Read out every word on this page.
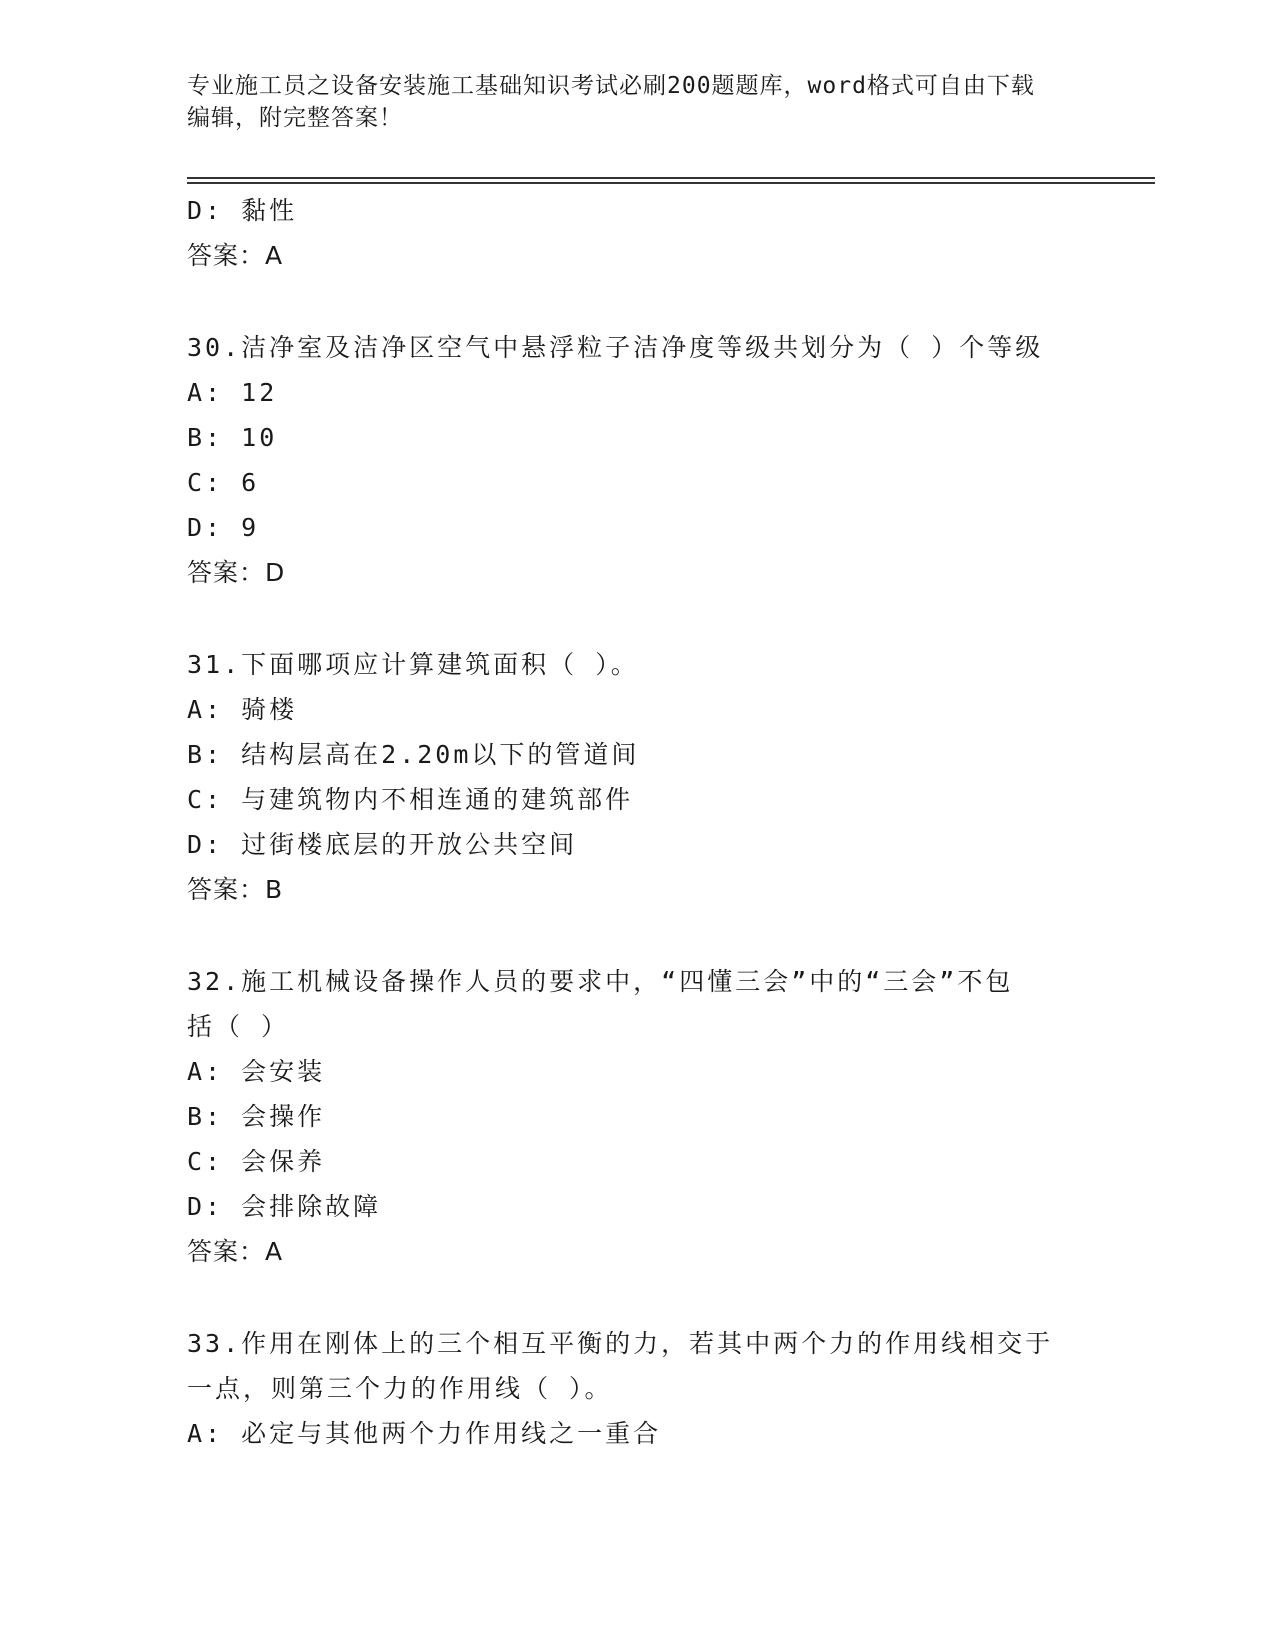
专业施工员之设备安装施工基础知识考试必刷200题题库，word格式可自由下载
编辑，附完整答案！
D: 黏性
答案：A
30.洁净室及洁净区空气中悬浮粒子洁净度等级共划分为（ ）个等级
A: 12
B: 10
C: 6
D: 9
答案：D
31.下面哪项应计算建筑面积（ ）。
A: 骑楼
B: 结构层高在2.20m以下的管道间
C: 与建筑物内不相连通的建筑部件
D: 过街楼底层的开放公共空间
答案：B
32.施工机械设备操作人员的要求中，“四懂三会”中的“三会”不包
括（ ）
A: 会安装
B: 会操作
C: 会保养
D: 会排除故障
答案：A
33.作用在刚体上的三个相互平衡的力，若其中两个力的作用线相交于
一点，则第三个力的作用线（ ）。
A: 必定与其他两个力作用线之一重合
